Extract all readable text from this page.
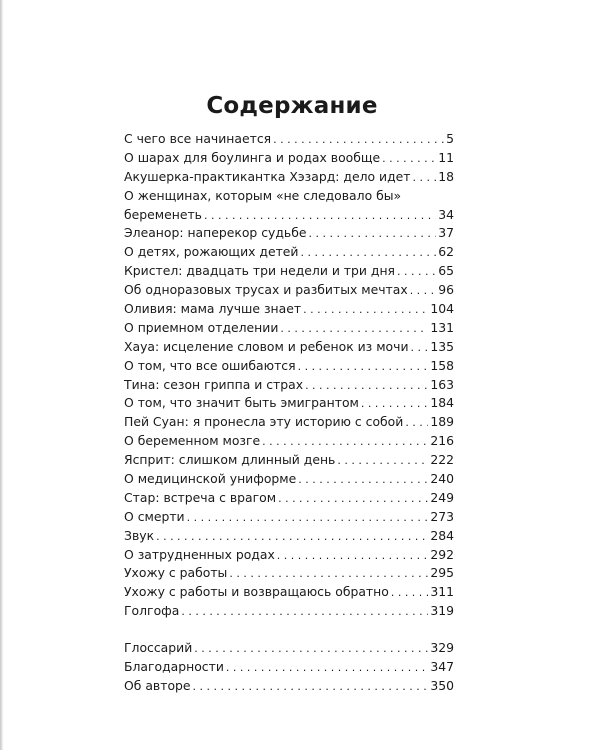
Содержание
С чего все начинается . . .	5
О шарах для боулинга и родах вообще . . .	11
Акушерка-практикантка Хэзард: дело идет . . . 18
О женщинах, которым «не следовало бы»
беременеть . . .	34
Элеанор: наперекор судьбе . . .	37
О детях, рожающих детей . . .	62
Кристел: двадцать три недели и три дня . . .	65
Об одноразовых трусах и разбитых мечтах . . . 96
Оливия: мама лучше знает . . .	104
О приемном отделении . . .	131
Хауа: исцеление словом и ребенок из мочи . . . 135
О том, что все ошибаются . . .	158
Тина: сезон гриппа и страх . . .	163
О том, что значит быть эмигрантом . . .	184
Пей Суан: я пронесла эту историю с собой . . . 189
О беременном мозге . . .	216
Ясприт: слишком длинный день . . .	222
О медицинской униформе . . .	240
Стар: встреча с врагом . . .	249
О смерти . . .	273
Звук . . .	284
О затрудненных родах . . .	292
Ухожу с работы . . .	295
Ухожу с работы и возвращаюсь обратно . . .	311
Голгофа . . .	319
Глоссарий . . .	329
Благодарности . . .	347
Об авторе . . .	350
